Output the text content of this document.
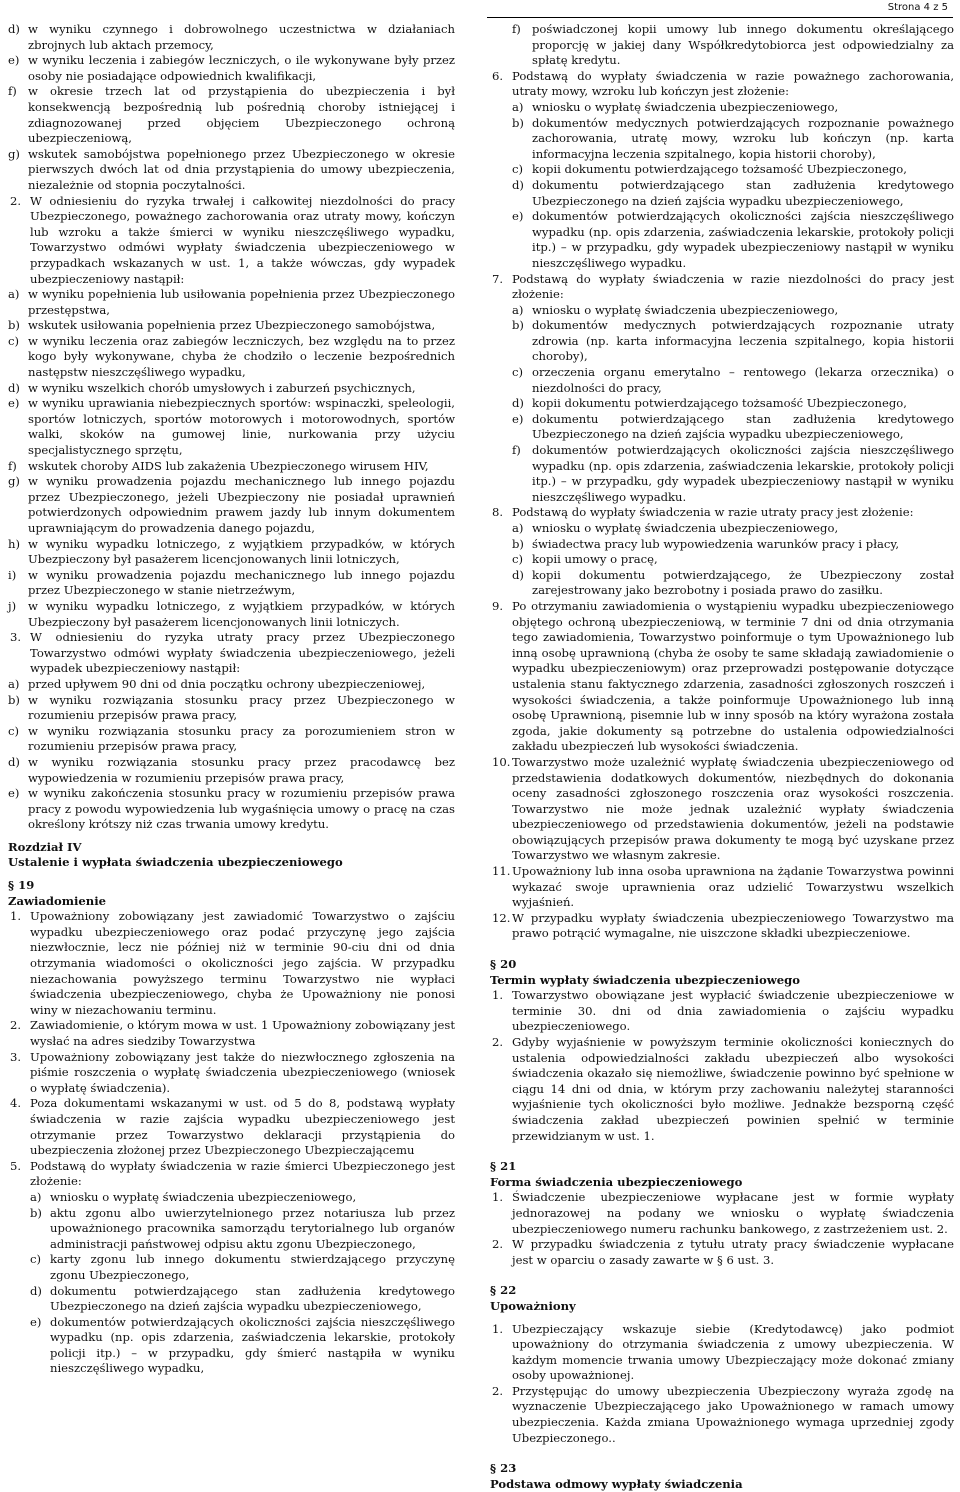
Strona 4 z 5
d) w wyniku czynnego i dobrowolnego uczestnictwa w działaniach zbrojnych lub aktach przemocy,
e) w wyniku leczenia i zabiegów leczniczych, o ile wykonywane były przez osoby nie posiadające odpowiednich kwalifikacji,
f) w okresie trzech lat od przystąpienia do ubezpieczenia i był konsekwencją bezpośrednią lub pośrednią choroby istniejącej i zdiagnozowanej przed objęciem Ubezpieczonego ochroną ubezpieczeniową,
g) wskutek samobójstwa popełnionego przez Ubezpieczonego w okresie pierwszych dwóch lat od dnia przystąpienia do umowy ubezpieczenia, niezależnie od stopnia poczytalności.
2. W odniesieniu do ryzyka trwałej i całkowitej niezdolności do pracy Ubezpieczonego, poważnego zachorowania oraz utraty mowy, kończyn lub wzroku a także śmierci w wyniku nieszczęśliwego wypadku, Towarzystwo odmówi wypłaty świadczenia ubezpieczeniowego w przypadkach wskazanych w ust. 1, a także wówczas, gdy wypadek ubezpieczeniowy nastąpił:
a) w wyniku popełnienia lub usiłowania popełnienia przez Ubezpieczonego przestępstwa,
b) wskutek usiłowania popełnienia przez Ubezpieczonego samobójstwa,
c) w wyniku leczenia oraz zabiegów leczniczych, bez względu na to przez kogo były wykonywane, chyba że chodziło o leczenie bezpośrednich następstw nieszczęśliwego wypadku,
d) w wyniku wszelkich chorób umysłowych i zaburzeń psychicznych,
e) w wyniku uprawiania niebezpiecznych sportów: wspinaczki, speleologii, sportów lotniczych, sportów motorowych i motorowodnych, sportów walki, skoków na gumowej linie, nurkowania przy użyciu specjalistycznego sprzętu,
f) wskutek choroby AIDS lub zakażenia Ubezpieczonego wirusem HIV,
g) w wyniku prowadzenia pojazdu mechanicznego lub innego pojazdu przez Ubezpieczonego, jeżeli Ubezpieczony nie posiadał uprawnień potwierdzonych odpowiednim prawem jazdy lub innym dokumentem uprawniającym do prowadzenia danego pojazdu,
h) w wyniku wypadku lotniczego, z wyjątkiem przypadków, w których Ubezpieczony był pasażerem licencjonowanych linii lotniczych,
i) w wyniku prowadzenia pojazdu mechanicznego lub innego pojazdu przez Ubezpieczonego w stanie nietrzeźwym,
j) w wyniku wypadku lotniczego, z wyjątkiem przypadków, w których Ubezpieczony był pasażerem licencjonowanych linii lotniczych.
3. W odniesieniu do ryzyka utraty pracy przez Ubezpieczonego Towarzystwo odmówi wypłaty świadczenia ubezpieczeniowego, jeżeli wypadek ubezpieczeniowy nastąpił:
a) przed upływem 90 dni od dnia początku ochrony ubezpieczeniowej,
b) w wyniku rozwiązania stosunku pracy przez Ubezpieczonego w rozumieniu przepisów prawa pracy,
c) w wyniku rozwiązania stosunku pracy za porozumieniem stron w rozumieniu przepisów prawa pracy,
d) w wyniku rozwiązania stosunku pracy przez pracodawcę bez wypowiedzenia w rozumieniu przepisów prawa pracy,
e) w wyniku zakończenia stosunku pracy w rozumieniu przepisów prawa pracy z powodu wypowiedzenia lub wygaśnięcia umowy o pracę na czas określony krótszy niż czas trwania umowy kredytu.
Rozdział IV
Ustalenie i wypłata świadczenia ubezpieczeniowego
§ 19
Zawiadomienie
1. Upoważniony zobowiązany jest zawiadomić Towarzystwo o zajściu wypadku ubezpieczeniowego oraz podać przyczynę jego zajścia niezwłocznie, lecz nie później niż w terminie 90-ciu dni od dnia otrzymania wiadomości o okoliczności jego zajścia. W przypadku niezachowania powyższego terminu Towarzystwo nie wypłaci świadczenia ubezpieczeniowego, chyba że Upoważniony nie ponosi winy w niezachowaniu terminu.
2. Zawiadomienie, o którym mowa w ust. 1 Upoważniony zobowiązany jest wysłać na adres siedziby Towarzystwa
3. Upoważniony zobowiązany jest także do niezwłocznego zgłoszenia na piśmie roszczenia o wypłatę świadczenia ubezpieczeniowego (wniosek o wypłatę świadczenia).
4. Poza dokumentami wskazanymi w ust. od 5 do 8, podstawą wypłaty świadczenia w razie zajścia wypadku ubezpieczeniowego jest otrzymanie przez Towarzystwo deklaracji przystąpienia do ubezpieczenia złożonej przez Ubezpieczonego Ubezpieczającemu
5. Podstawą do wypłaty świadczenia w razie śmierci Ubezpieczonego jest złożenie:
a) wniosku o wypłatę świadczenia ubezpieczeniowego,
b) aktu zgonu albo uwierzytelnionego przez notariusza lub przez upoważnionego pracownika samorządu terytorialnego lub organów administracji państwowej odpisu aktu zgonu Ubezpieczonego,
c) karty zgonu lub innego dokumentu stwierdzającego przyczynę zgonu Ubezpieczonego,
d) dokumentu potwierdzającego stan zadłużenia kredytowego Ubezpieczonego na dzień zajścia wypadku ubezpieczeniowego,
e) dokumentów potwierdzających okoliczności zajścia nieszczęśliwego wypadku (np. opis zdarzenia, zaświadczenia lekarskie, protokoły policji itp.) – w przypadku, gdy śmierć nastąpiła w wyniku nieszczęśliwego wypadku,
f) poświadczonej kopii umowy lub innego dokumentu określającego proporcję w jakiej dany Współkredytobiorca jest odpowiedzialny za spłatę kredytu.
6. Podstawą do wypłaty świadczenia w razie poważnego zachorowania, utraty mowy, wzroku lub kończyn jest złożenie:
a) wniosku o wypłatę świadczenia ubezpieczeniowego,
b) dokumentów medycznych potwierdzających rozpoznanie poważnego zachorowania, utratę mowy, wzroku lub kończyn (np. karta informacyjna leczenia szpitalnego, kopia historii choroby),
c) kopii dokumentu potwierdzającego tożsamość Ubezpieczonego,
d) dokumentu potwierdzającego stan zadłużenia kredytowego Ubezpieczonego na dzień zajścia wypadku ubezpieczeniowego,
e) dokumentów potwierdzających okoliczności zajścia nieszczęśliwego wypadku (np. opis zdarzenia, zaświadczenia lekarskie, protokoły policji itp.) – w przypadku, gdy wypadek ubezpieczeniowy nastąpił w wyniku nieszczęśliwego wypadku.
7. Podstawą do wypłaty świadczenia w razie niezdolności do pracy jest złożenie:
a) wniosku o wypłatę świadczenia ubezpieczeniowego,
b) dokumentów medycznych potwierdzających rozpoznanie utraty zdrowia (np. karta informacyjna leczenia szpitalnego, kopia historii choroby),
c) orzeczenia organu emerytalno – rentowego (lekarza orzecznika) o niezdolności do pracy,
d) kopii dokumentu potwierdzającego tożsamość Ubezpieczonego,
e) dokumentu potwierdzającego stan zadłużenia kredytowego Ubezpieczonego na dzień zajścia wypadku ubezpieczeniowego,
f) dokumentów potwierdzających okoliczności zajścia nieszczęśliwego wypadku (np. opis zdarzenia, zaświadczenia lekarskie, protokoły policji itp.) – w przypadku, gdy wypadek ubezpieczeniowy nastąpił w wyniku nieszczęśliwego wypadku.
8. Podstawą do wypłaty świadczenia w razie utraty pracy jest złożenie:
a) wniosku o wypłatę świadczenia ubezpieczeniowego,
b) świadectwa pracy lub wypowiedzenia warunków pracy i płacy,
c) kopii umowy o pracę,
d) kopii dokumentu potwierdzającego, że Ubezpieczony został zarejestrowany jako bezrobotny i posiada prawo do zasiłku.
9. Po otrzymaniu zawiadomienia o wystąpieniu wypadku ubezpieczeniowego objętego ochroną ubezpieczeniową, w terminie 7 dni od dnia otrzymania tego zawiadomienia, Towarzystwo poinformuje o tym Upoważnionego lub inną osobę uprawnioną (chyba że osoby te same składają zawiadomienie o wypadku ubezpieczeniowym) oraz przeprowadzi postępowanie dotyczące ustalenia stanu faktycznego zdarzenia, zasadności zgłoszonych roszczeń i wysokości świadczenia, a także poinformuje Upoważnionego lub inną osobę Uprawnioną, pisemnie lub w inny sposób na który wyrażona została zgoda, jakie dokumenty są potrzebne do ustalenia odpowiedzialności zakładu ubezpieczeń lub wysokości świadczenia.
10. Towarzystwo może uzależnić wypłatę świadczenia ubezpieczeniowego od przedstawienia dodatkowych dokumentów, niezbędnych do dokonania oceny zasadności zgłoszonego roszczenia oraz wysokości roszczenia. Towarzystwo nie może jednak uzależnić wypłaty świadczenia ubezpieczeniowego od przedstawienia dokumentów, jeżeli na podstawie obowiązujących przepisów prawa dokumenty te mogą być uzyskane przez Towarzystwo we własnym zakresie.
11. Upoważniony lub inna osoba uprawniona na żądanie Towarzystwa powinni wykazać swoje uprawnienia oraz udzielić Towarzystwu wszelkich wyjaśnień.
12. W przypadku wypłaty świadczenia ubezpieczeniowego Towarzystwo ma prawo potrącić wymagalne, nie uiszczone składki ubezpieczeniowe.
§ 20
Termin wypłaty świadczenia ubezpieczeniowego
1. Towarzystwo obowiązane jest wypłacić świadczenie ubezpieczeniowe w terminie 30. dni od dnia zawiadomienia o zajściu wypadku ubezpieczeniowego.
2. Gdyby wyjaśnienie w powyższym terminie okoliczności koniecznych do ustalenia odpowiedzialności zakładu ubezpieczeń albo wysokości świadczenia okazało się niemożliwe, świadczenie powinno być spełnione w ciągu 14 dni od dnia, w którym przy zachowaniu należytej staranności wyjaśnienie tych okoliczności było możliwe. Jednakże bezsporną część świadczenia zakład ubezpieczeń powinien spełnić w terminie przewidzianym w ust. 1.
§ 21
Forma świadczenia ubezpieczeniowego
1. Świadczenie ubezpieczeniowe wypłacane jest w formie wypłaty jednorazowej na podany we wniosku o wypłatę świadczenia ubezpieczeniowego numeru rachunku bankowego, z zastrzeżeniem ust. 2.
2. W przypadku świadczenia z tytułu utraty pracy świadczenie wypłacane jest w oparciu o zasady zawarte w § 6 ust. 3.
§ 22
Upoważniony
1. Ubezpieczający wskazuje siebie (Kredytodawcę) jako podmiot upoważniony do otrzymania świadczenia z umowy ubezpieczenia. W każdym momencie trwania umowy Ubezpieczający może dokonać zmiany osoby upoważnionej.
2. Przystępując do umowy ubezpieczenia Ubezpieczony wyraża zgodę na wyznaczenie Ubezpieczającego jako Upoważnionego w ramach umowy ubezpieczenia. Każda zmiana Upoważnionego wymaga uprzedniej zgody Ubezpieczonego..
§ 23
Podstawa odmowy wypłaty świadczenia
